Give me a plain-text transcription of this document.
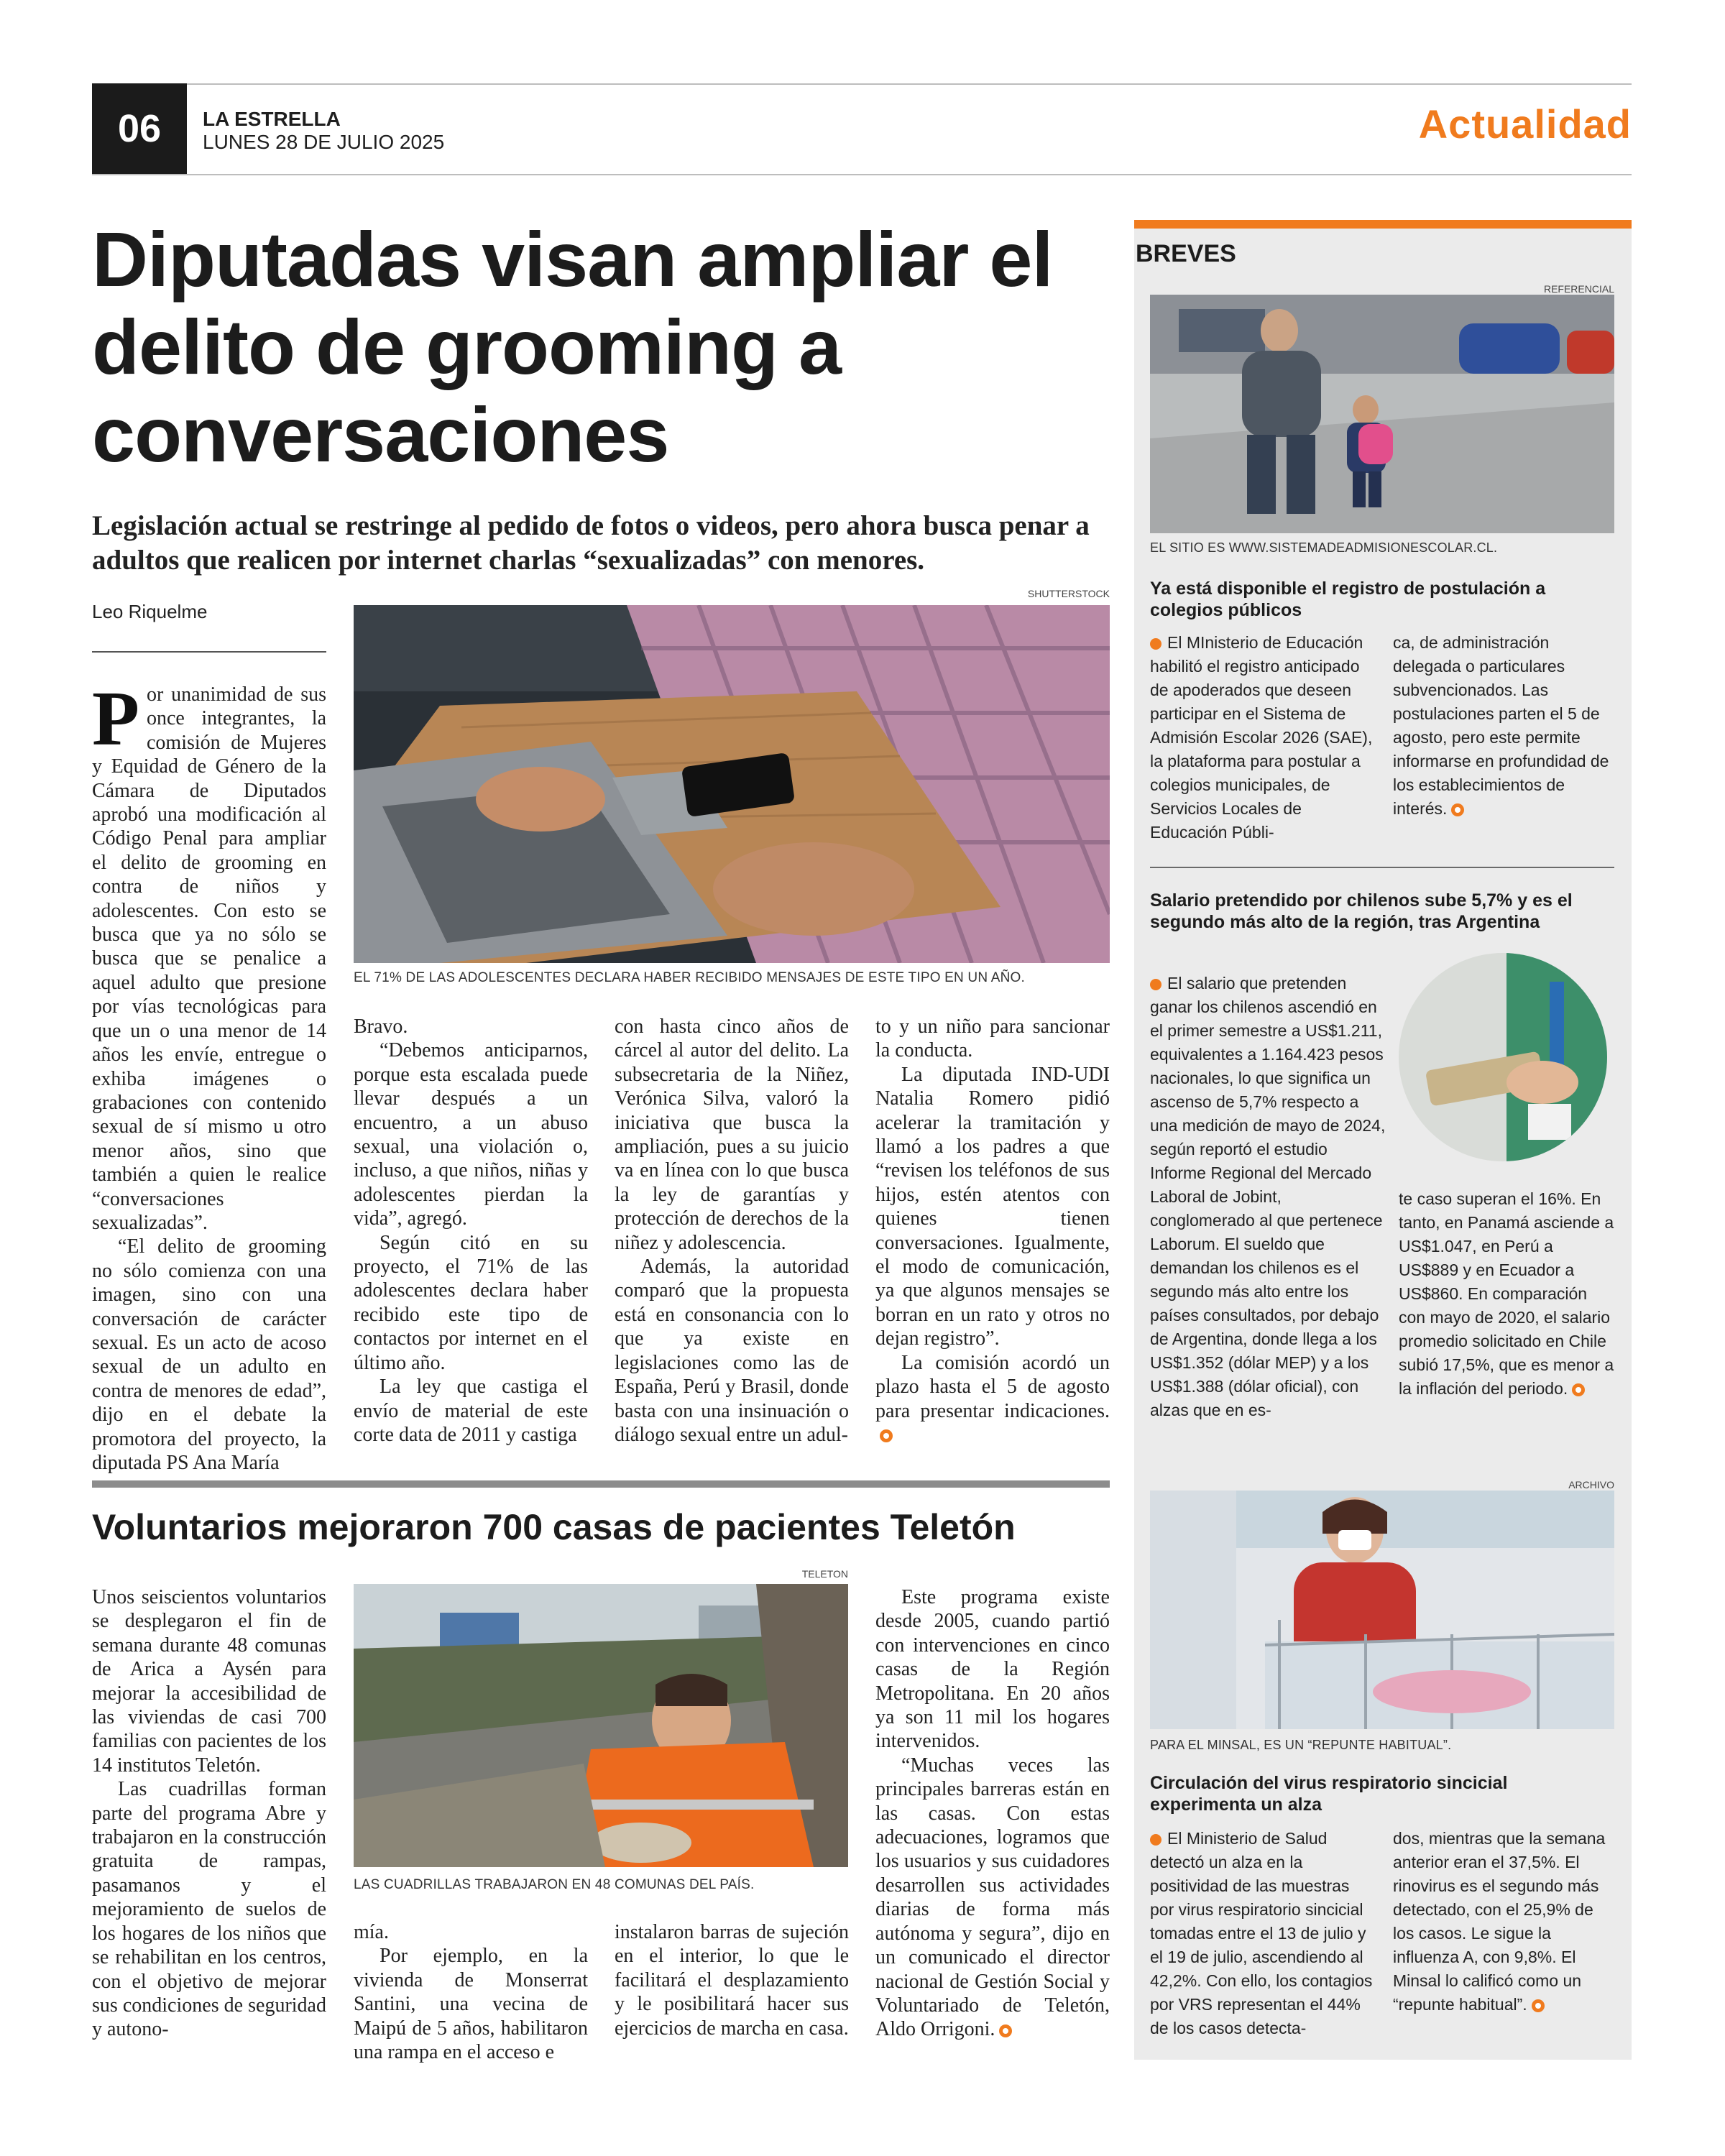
06	LA ESTRELLA
LUNES 28 DE JULIO 2025	Actualidad
Diputadas visan ampliar el delito de grooming a conversaciones
Legislación actual se restringe al pedido de fotos o videos, pero ahora busca penar a adultos que realicen por internet charlas “sexualizadas” con menores.
Leo Riquelme
SHUTTERSTOCK
EL 71% DE LAS ADOLESCENTES DECLARA HABER RECIBIDO MENSAJES DE ESTE TIPO EN UN AÑO.

Por unanimidad de sus once integrantes, la comisión de Mujeres y Equidad de Género de la Cámara de Diputados aprobó una modificación al Código Penal para ampliar el delito de grooming en contra de niños y adolescentes. Con esto se busca que ya no sólo se busca que se penalice a aquel adulto que presione por vías tecnológicas para que un o una menor de 14 años les envíe, entregue o exhiba imágenes o grabaciones con contenido sexual de sí mismo u otro menor años, sino que también a quien le realice “conversaciones sexualizadas”.

“El delito de grooming no sólo comienza con una imagen, sino con una conversación de carácter sexual. Es un acto de acoso sexual de un adulto en contra de menores de edad”, dijo en el debate la promotora del proyecto, la diputada PS Ana María

Bravo.

“Debemos anticiparnos, porque esta escalada puede llevar después a un encuentro, a un abuso sexual, una violación o, incluso, a que niños, niñas y adolescentes pierdan la vida”, agregó.

Según citó en su proyecto, el 71% de las adolescentes declara haber recibido este tipo de contactos por internet en el último año.

La ley que castiga el envío de material de este corte data de 2011 y castiga

con hasta cinco años de cárcel al autor del delito. La subsecretaria de la Niñez, Verónica Silva, valoró la iniciativa que busca la ampliación, pues a su juicio va en línea con lo que busca la ley de garantías y protección de derechos de la niñez y adolescencia.

Además, la autoridad comparó que la propuesta está en consonancia con lo que ya existe en legislaciones como las de España, Perú y Brasil, donde basta con una insinuación o diálogo sexual entre un adul-

to y un niño para sancionar la conducta.

La diputada IND-UDI Natalia Romero pidió acelerar la tramitación y llamó a los padres a que “revisen los teléfonos de sus hijos, estén atentos con quienes tienen conversaciones. Igualmente, el modo de comunicación, ya que algunos mensajes se borran en un rato y otros no dejan registro”.

La comisión acordó un plazo hasta el 5 de agosto para presentar indicaciones.

Voluntarios mejoraron 700 casas de pacientes Teletón
TELETON
LAS CUADRILLAS TRABAJARON EN 48 COMUNAS DEL PAÍS.

Unos seiscientos voluntarios se desplegaron el fin de semana durante 48 comunas de Arica a Aysén para mejorar la accesibilidad de las viviendas de casi 700 familias con pacientes de los 14 institutos Teletón.

Las cuadrillas forman parte del programa Abre y trabajaron en la construcción gratuita de rampas, pasamanos y el mejoramiento de suelos de los hogares de los niños que se rehabilitan en los centros, con el objetivo de mejorar sus condiciones de seguridad y autono-

mía.

Por ejemplo, en la vivienda de Monserrat Santini, una vecina de Maipú de 5 años, habilitaron una rampa en el acceso e

instalaron barras de sujeción en el interior, lo que le facilitará el desplazamiento y le posibilitará hacer sus ejercicios de marcha en casa.

Este programa existe desde 2005, cuando partió con intervenciones en cinco casas de la Región Metropolitana. En 20 años ya son 11 mil los hogares intervenidos.

“Muchas veces las principales barreras están en las casas. Con estas adecuaciones, logramos que los usuarios y sus cuidadores desarrollen sus actividades diarias de forma más autónoma y segura”, dijo en un comunicado el director nacional de Gestión Social y Voluntariado de Teletón, Aldo Orrigoni.

BREVES
REFERENCIAL
EL SITIO ES WWW.SISTEMADEADMISIONESCOLAR.CL.
Ya está disponible el registro de postulación a colegios públicos
El MInisterio de Educación habilitó el registro anticipado de apoderados que deseen participar en el Sistema de Admisión Escolar 2026 (SAE), la plataforma para postular a colegios municipales, de Servicios Locales de Educación Públi-
ca, de administración delegada o particulares subvencionados. Las postulaciones parten el 5 de agosto, pero este permite informarse en profundidad de los establecimientos de interés.
Salario pretendido por chilenos sube 5,7% y es el segundo más alto de la región, tras Argentina
El salario que pretenden ganar los chilenos ascendió en el primer semestre a US$1.211, equivalentes a 1.164.423 pesos nacionales, lo que significa un ascenso de 5,7% respecto a una medición de mayo de 2024, según reportó el estudio Informe Regional del Mercado Laboral de Jobint, conglomerado al que pertenece Laborum. El sueldo que demandan los chilenos es el segundo más alto entre los países consultados, por debajo de Argentina, donde llega a los US$1.352 (dólar MEP) y a los US$1.388 (dólar oficial), con alzas que en es-
te caso superan el 16%. En tanto, en Panamá asciende a US$1.047, en Perú a US$889 y en Ecuador a US$860. En comparación con mayo de 2020, el salario promedio solicitado en Chile subió 17,5%, que es menor a la inflación del periodo.
ARCHIVO
PARA EL MINSAL, ES UN “REPUNTE HABITUAL”.
Circulación del virus respiratorio sincicial experimenta un alza
El Ministerio de Salud detectó un alza en la positividad de las muestras por virus respiratorio sincicial tomadas entre el 13 de julio y el 19 de julio, ascendiendo al 42,2%. Con ello, los contagios por VRS representan el 44% de los casos detecta-
dos, mientras que la semana anterior eran el 37,5%. El rinovirus es el segundo más detectado, con el 25,9% de los casos. Le sigue la influenza A, con 9,8%. El Minsal lo calificó como un “repunte habitual”.
